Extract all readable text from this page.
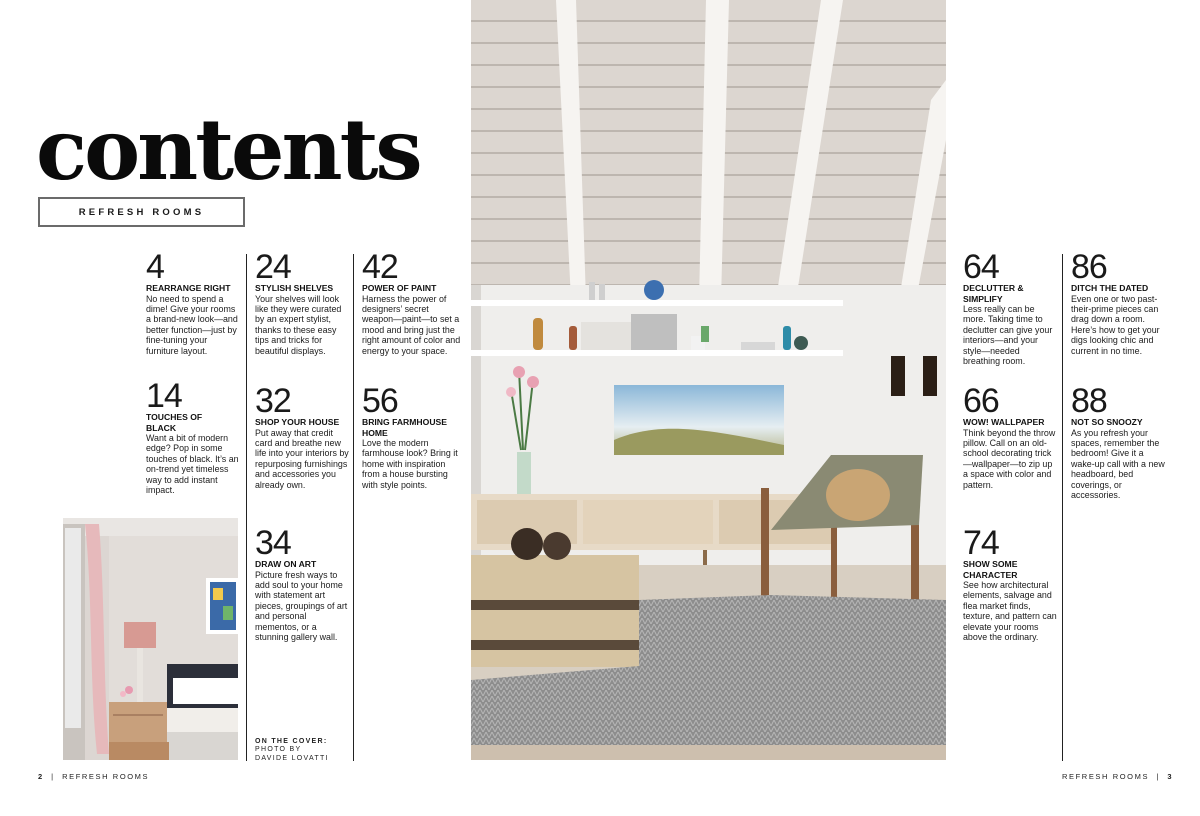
contents
REFRESH ROOMS
4
REARRANGE RIGHT
No need to spend a dime! Give your rooms a brand-new look—and better function—just by fine-tuning your furniture layout.
14
TOUCHES OF BLACK
Want a bit of modern edge? Pop in some touches of black. It’s an on-trend yet timeless way to add instant impact.
24
STYLISH SHELVES
Your shelves will look like they were curated by an expert stylist, thanks to these easy tips and tricks for beautiful displays.
32
SHOP YOUR HOUSE
Put away that credit card and breathe new life into your interiors by repurposing furnishings and accessories you already own.
34
DRAW ON ART
Picture fresh ways to add soul to your home with statement art pieces, groupings of art and personal mementos, or a stunning gallery wall.
42
POWER OF PAINT
Harness the power of designers’ secret weapon—paint—to set a mood and bring just the right amount of color and energy to your space.
56
BRING FARMHOUSE HOME
Love the modern farmhouse look? Bring it home with inspiration from a house bursting with style points.
64
DECLUTTER & SIMPLIFY
Less really can be more. Taking time to declutter can give your interiors—and your style—needed breathing room.
66
WOW! WALLPAPER
Think beyond the throw pillow. Call on an old-school decorating trick—wallpaper—to zip up a space with color and pattern.
74
SHOW SOME CHARACTER
See how architectural elements, salvage and flea market finds, texture, and pattern can elevate your rooms above the ordinary.
86
DITCH THE DATED
Even one or two past-their-prime pieces can drag down a room. Here’s how to get your digs looking chic and current in no time.
88
NOT SO SNOOZY
As you refresh your spaces, remember the bedroom! Give it a wake-up call with a new headboard, bed coverings, or accessories.
ON THE COVER:
PHOTO BY
DAVIDE LOVATTI
2  |  REFRESH ROOMS	REFRESH ROOMS  |  3
